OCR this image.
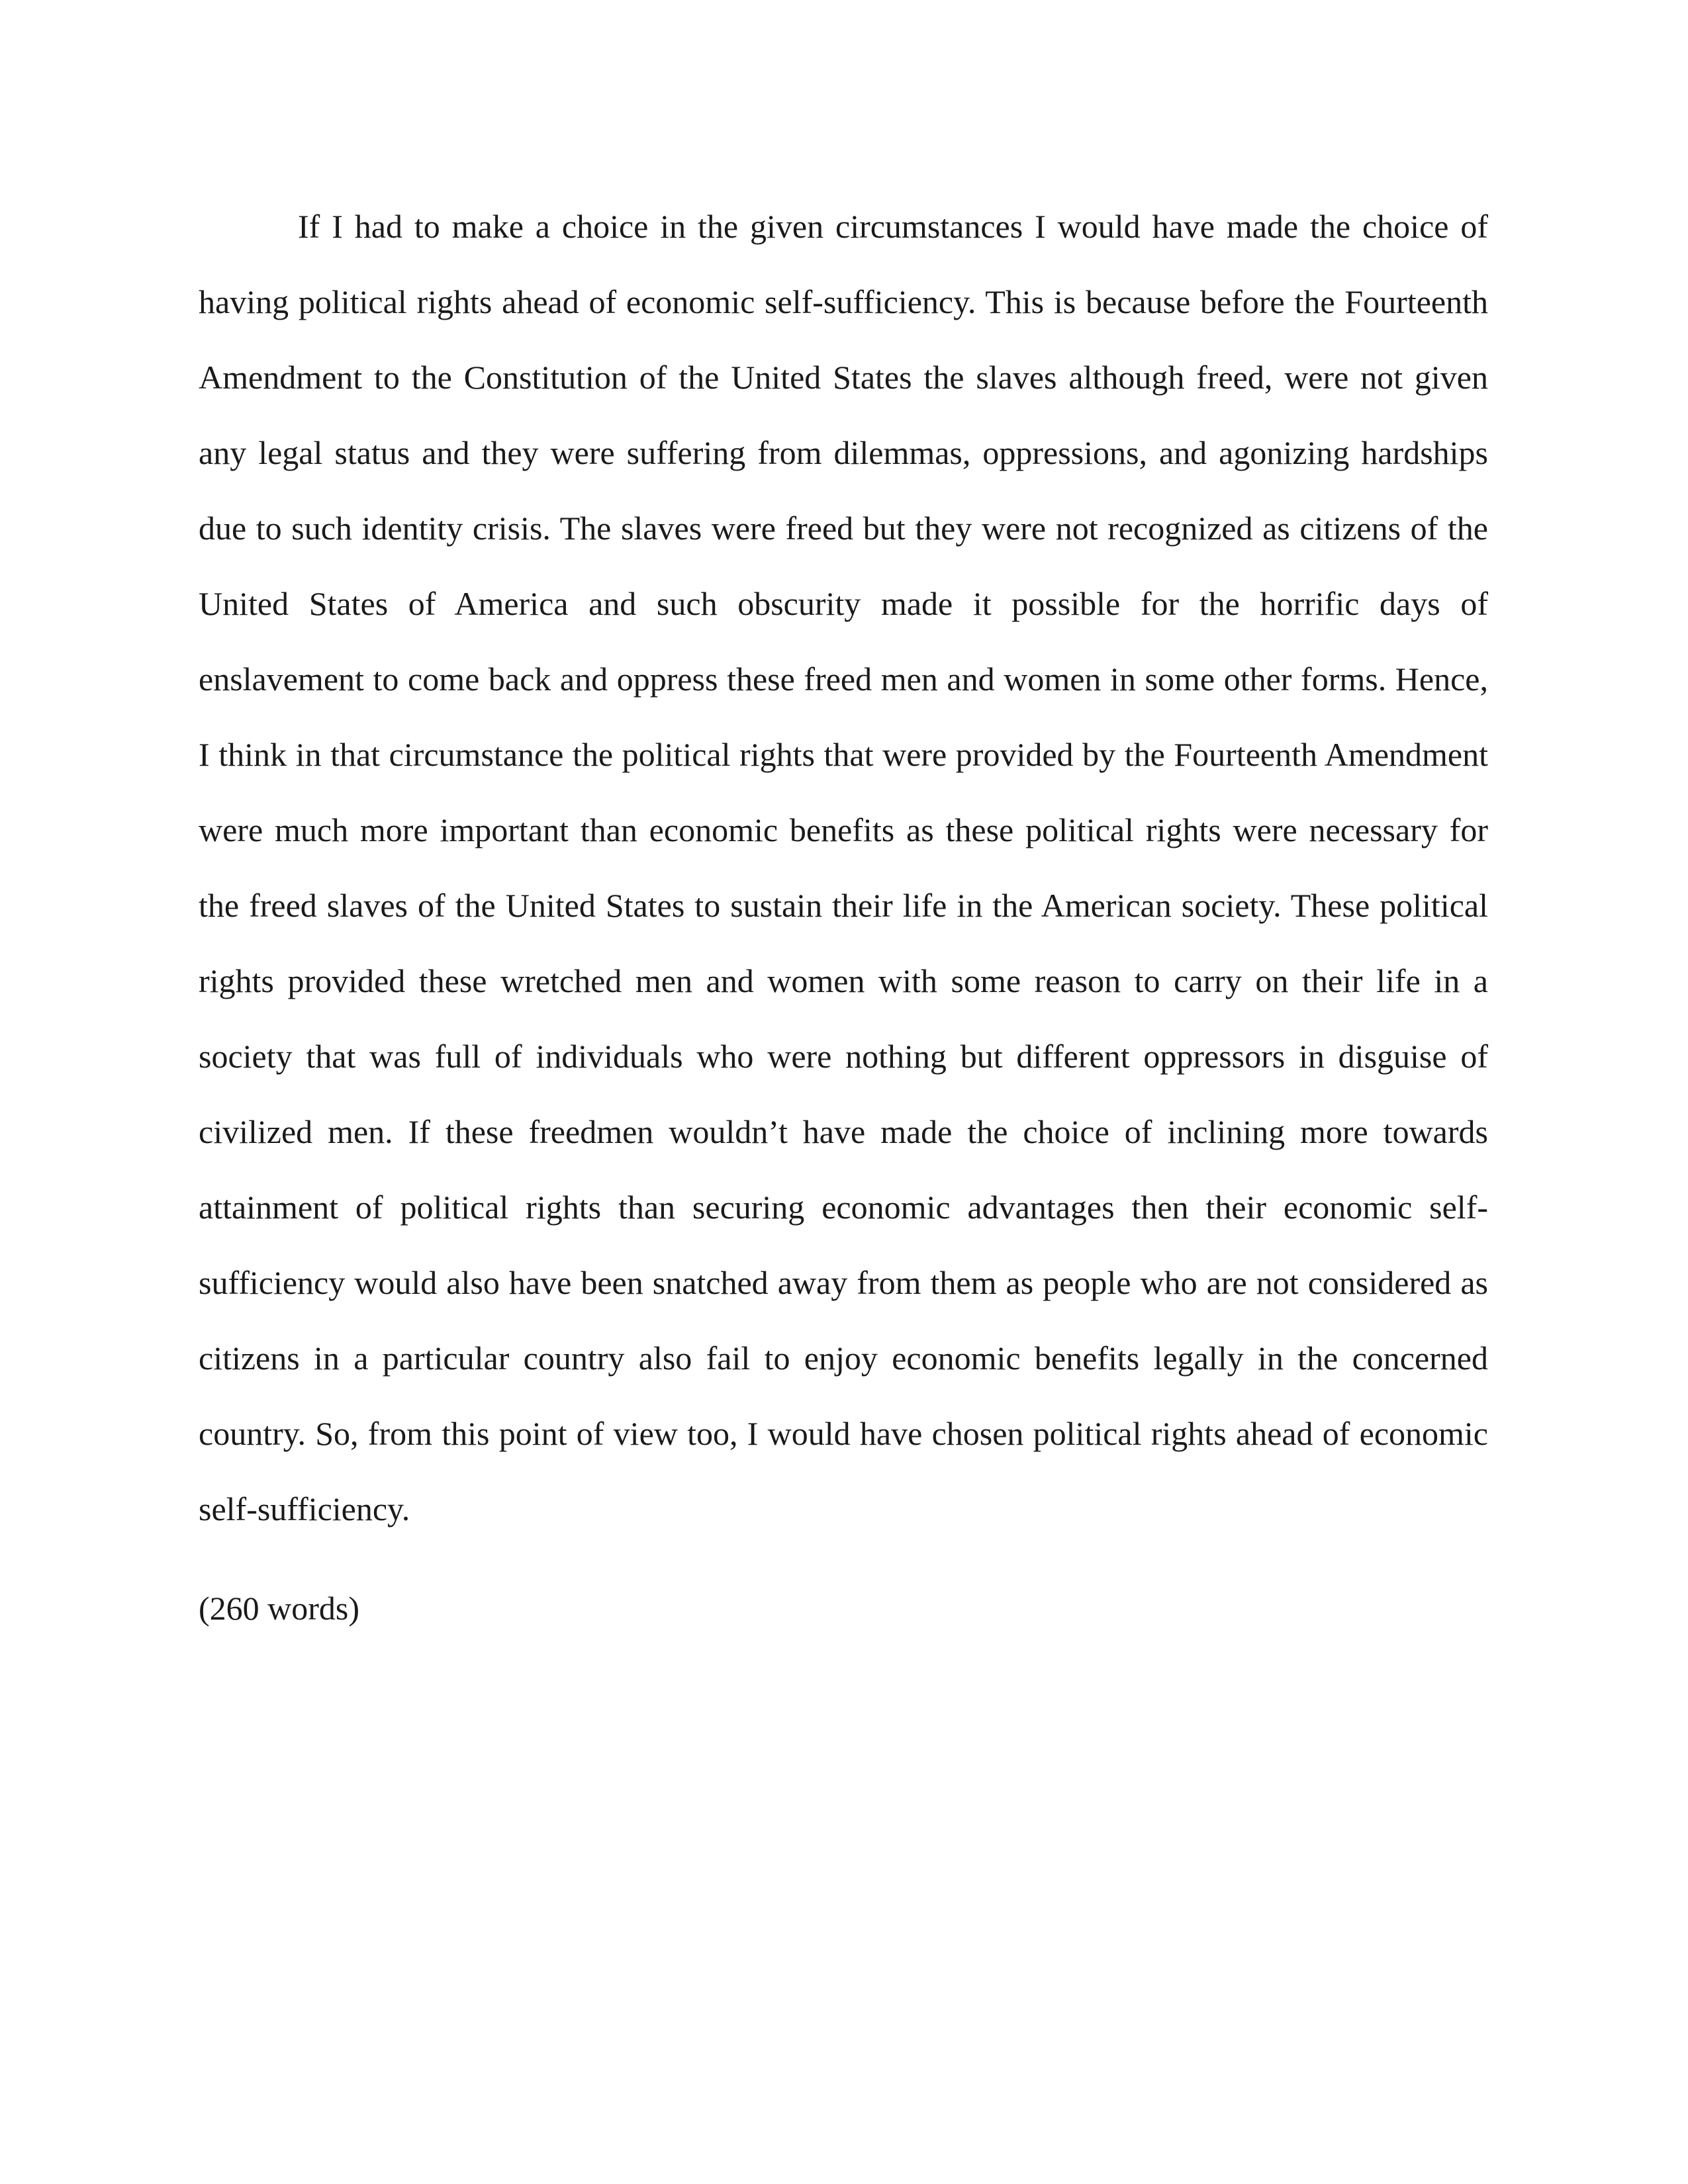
If I had to make a choice in the given circumstances I would have made the choice of
having political rights ahead of economic self-sufficiency. This is because before the Fourteenth
Amendment to the Constitution of the United States the slaves although freed, were not given
any legal status and they were suffering from dilemmas, oppressions, and agonizing hardships
due to such identity crisis. The slaves were freed but they were not recognized as citizens of the
United States of America and such obscurity made it possible for the horrific days of
enslavement to come back and oppress these freed men and women in some other forms. Hence,
I think in that circumstance the political rights that were provided by the Fourteenth Amendment
were much more important than economic benefits as these political rights were necessary for
the freed slaves of the United States to sustain their life in the American society. These political
rights provided these wretched men and women with some reason to carry on their life in a
society that was full of individuals who were nothing but different oppressors in disguise of
civilized men. If these freedmen wouldn’t have made the choice of inclining more towards
attainment of political rights than securing economic advantages then their economic self-
sufficiency would also have been snatched away from them as people who are not considered as
citizens in a particular country also fail to enjoy economic benefits legally in the concerned
country. So, from this point of view too, I would have chosen political rights ahead of economic
self-sufficiency.
(260 words)
